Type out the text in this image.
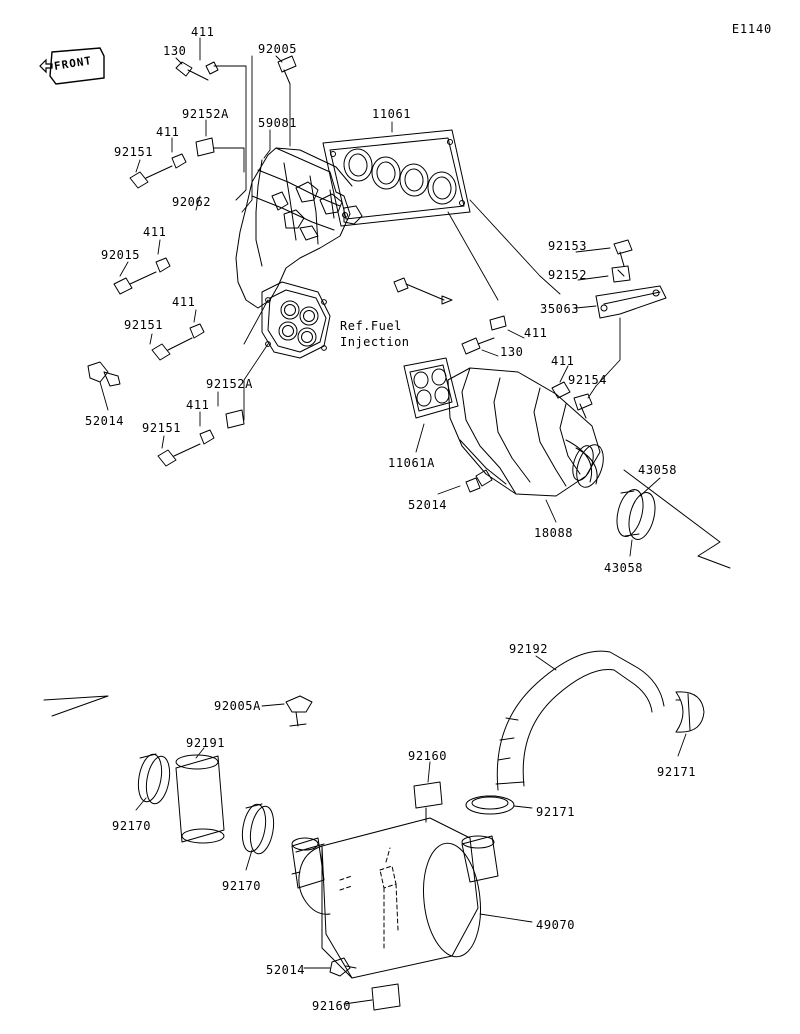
E1140
FRONT
Ref.Fuel
Injection
411
130	92005
92152A
59081
11061
411
92151
92062
411
92015
92153
92152
35063
411
92151
411
130
411
92154
92152A
411
52014 92151
11061A	43058
52014
18088
43058
92192
92005A
92191
92160
92171
92171
92170
92170
49070
52014
92160
